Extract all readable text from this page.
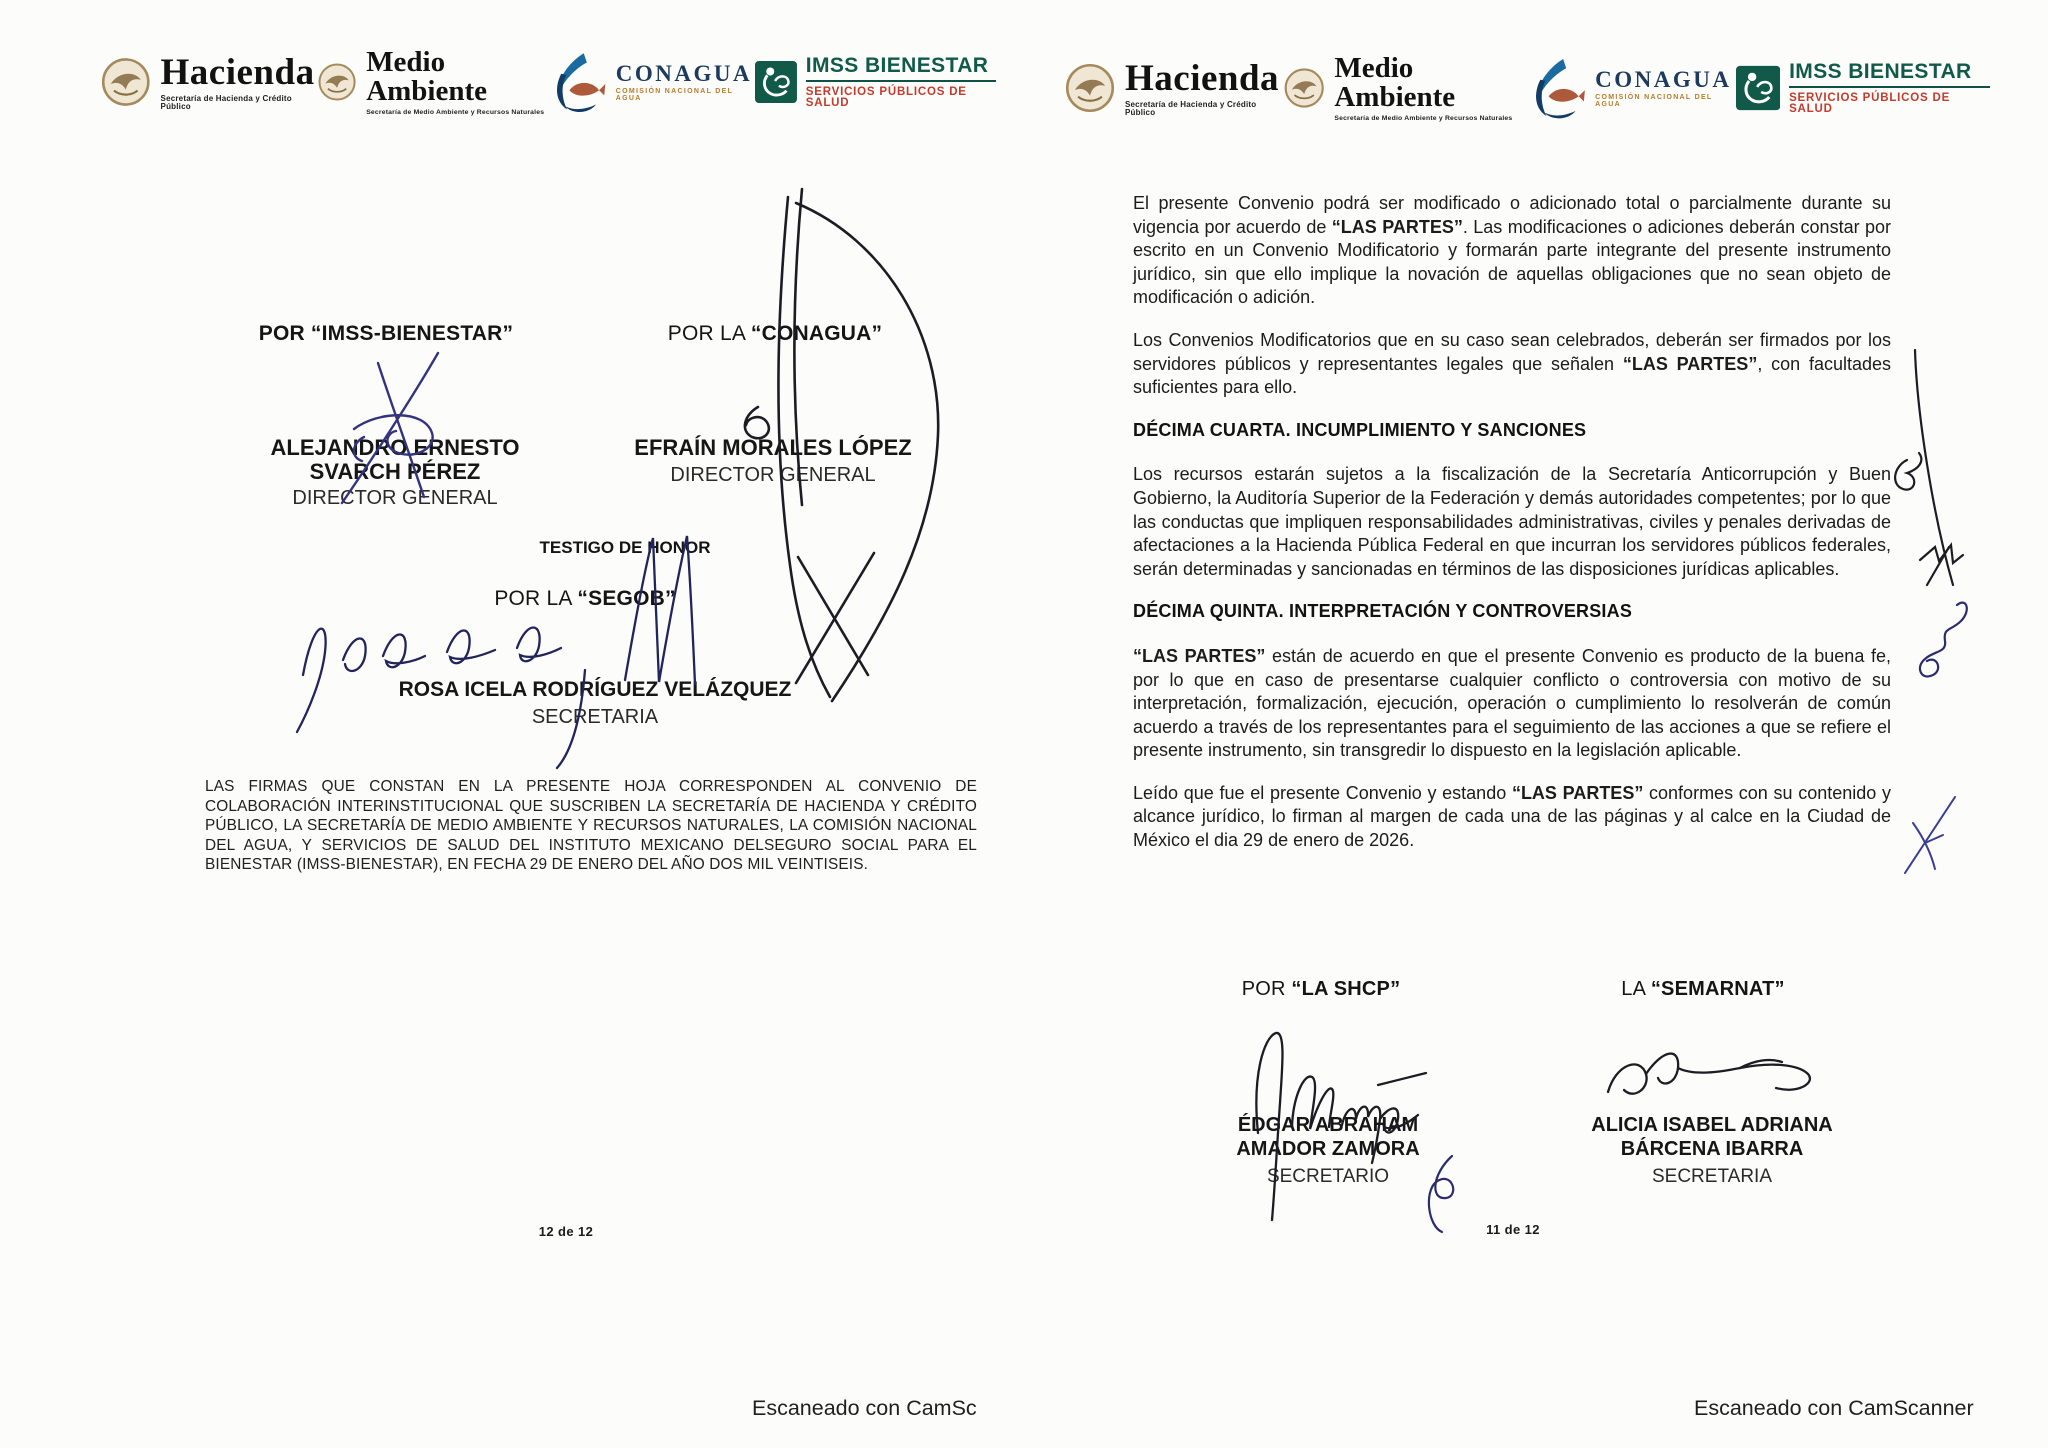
Hacienda
Secretaría de Hacienda y Crédito Público
Medio Ambiente
Secretaría de Medio Ambiente y Recursos Naturales
CONAGUA
COMISIÓN NACIONAL DEL AGUA
IMSS BIENESTAR
SERVICIOS PÚBLICOS DE SALUD
POR “IMSS-BIENESTAR”	POR LA “CONAGUA”
ALEJANDRO ERNESTO SVARCH PÉREZ
DIRECTOR GENERAL
EFRAÍN MORALES LÓPEZ
DIRECTOR GENERAL
TESTIGO DE HONOR
POR LA “SEGOB”
ROSA ICELA RODRÍGUEZ VELÁZQUEZ
SECRETARIA
LAS FIRMAS QUE CONSTAN EN LA PRESENTE HOJA CORRESPONDEN AL CONVENIO DE COLABORACIÓN INTERINSTITUCIONAL QUE SUSCRIBEN LA SECRETARÍA DE HACIENDA Y CRÉDITO PÚBLICO, LA SECRETARÍA DE MEDIO AMBIENTE Y RECURSOS NATURALES, LA COMISIÓN NACIONAL DEL AGUA, Y SERVICIOS DE SALUD DEL INSTITUTO MEXICANO DELSEGURO SOCIAL PARA EL BIENESTAR (IMSS-BIENESTAR), EN FECHA 29 DE ENERO DEL AÑO DOS MIL VEINTISEIS.
12 de 12
Hacienda
Secretaría de Hacienda y Crédito Público
Medio Ambiente
Secretaría de Medio Ambiente y Recursos Naturales
CONAGUA
COMISIÓN NACIONAL DEL AGUA
IMSS BIENESTAR
SERVICIOS PÚBLICOS DE SALUD

El presente Convenio podrá ser modificado o adicionado total o parcialmente durante su vigencia por acuerdo de “LAS PARTES”. Las modificaciones o adiciones deberán constar por escrito en un Convenio Modificatorio y formarán parte integrante del presente instrumento jurídico, sin que ello implique la novación de aquellas obligaciones que no sean objeto de modificación o adición.

Los Convenios Modificatorios que en su caso sean celebrados, deberán ser firmados por los servidores públicos y representantes legales que señalen “LAS PARTES”, con facultades suficientes para ello.

DÉCIMA CUARTA. INCUMPLIMIENTO Y SANCIONES

Los recursos estarán sujetos a la fiscalización de la Secretaría Anticorrupción y Buen Gobierno, la Auditoría Superior de la Federación y demás autoridades competentes; por lo que las conductas que impliquen responsabilidades administrativas, civiles y penales derivadas de afectaciones a la Hacienda Pública Federal en que incurran los servidores públicos federales, serán determinadas y sancionadas en términos de las disposiciones jurídicas aplicables.

DÉCIMA QUINTA. INTERPRETACIÓN Y CONTROVERSIAS

“LAS PARTES” están de acuerdo en que el presente Convenio es producto de la buena fe, por lo que en caso de presentarse cualquier conflicto o controversia con motivo de su interpretación, formalización, ejecución, operación o cumplimiento lo resolverán de común acuerdo a través de los representantes para el seguimiento de las acciones a que se refiere el presente instrumento, sin transgredir lo dispuesto en la legislación aplicable.

Leído que fue el presente Convenio y estando “LAS PARTES” conformes con su contenido y alcance jurídico, lo firman al margen de cada una de las páginas y al calce en la Ciudad de México el dia 29 de enero de 2026.

POR “LA SHCP”	LA “SEMARNAT”
ÉDGAR ABRAHAM AMADOR ZAMORA
SECRETARIO
ALICIA ISABEL ADRIANA BÁRCENA IBARRA
SECRETARIA
11 de 12
Escaneado con CamSc	Escaneado con CamScanner
